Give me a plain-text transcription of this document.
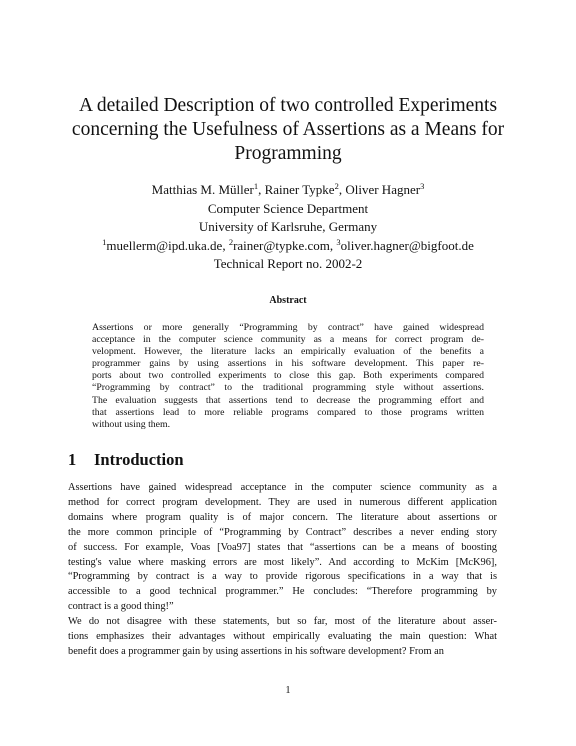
A detailed Description of two controlled Experiments
concerning the Usefulness of Assertions as a Means for
Programming
Matthias M. Müller$^1$, Rainer Typke$^2$, Oliver Hagner$^3$
Computer Science Department
University of Karlsruhe, Germany
$^1$muellerm@ipd.uka.de, $^2$rainer@typke.com, $^3$oliver.hagner@bigfoot.de
Technical Report no. 2002-2
Abstract
Assertions or more generally “Programming by contract” have gained widespread
acceptance in the computer science community as a means for correct program de-
velopment. However, the literature lacks an empirically evaluation of the benefits a
programmer gains by using assertions in his software development. This paper re-
ports about two controlled experiments to close this gap. Both experiments compared
“Programming by contract” to the traditional programming style without assertions.
The evaluation suggests that assertions tend to decrease the programming effort and
that assertions lead to more reliable programs compared to those programs written
without using them.
1 Introduction
Assertions have gained widespread acceptance in the computer science community as a
method for correct program development. They are used in numerous different application
domains where program quality is of major concern. The literature about assertions or
the more common principle of “Programming by Contract” describes a never ending story
of success. For example, Voas [Voa97] states that “assertions can be a means of boosting
testing's value where masking errors are most likely”. And according to McKim [McK96],
“Programming by contract is a way to provide rigorous specifications in a way that is
accessible to a good technical programmer.” He concludes: “Therefore programming by
contract is a good thing!”
We do not disagree with these statements, but so far, most of the literature about asser-
tions emphasizes their advantages without empirically evaluating the main question: What
benefit does a programmer gain by using assertions in his software development? From an
1
